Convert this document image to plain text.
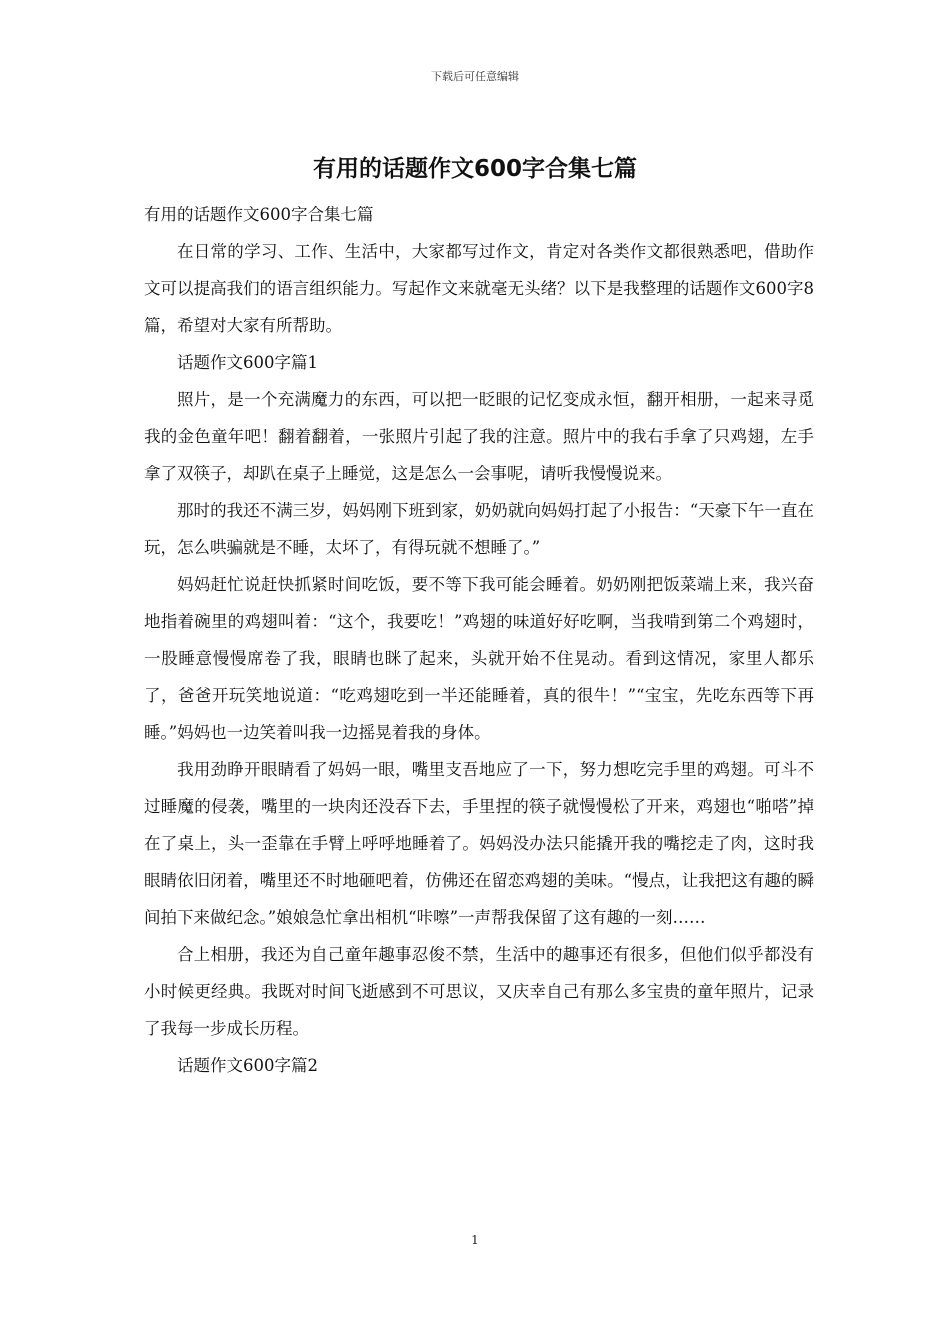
下载后可任意编辑
有用的话题作文600字合集七篇

有用的话题作文600字合集七篇

在日常的学习、工作、生活中，大家都写过作文，肯定对各类作文都很熟悉吧，借助作文可以提高我们的语言组织能力。写起作文来就毫无头绪？以下是我整理的话题作文600字8篇，希望对大家有所帮助。

话题作文600字篇1

照片，是一个充满魔力的东西，可以把一眨眼的记忆变成永恒，翻开相册，一起来寻觅我的金色童年吧！翻着翻着，一张照片引起了我的注意。照片中的我右手拿了只鸡翅，左手拿了双筷子，却趴在桌子上睡觉，这是怎么一会事呢，请听我慢慢说来。

那时的我还不满三岁，妈妈刚下班到家，奶奶就向妈妈打起了小报告：“天豪下午一直在玩，怎么哄骗就是不睡，太坏了，有得玩就不想睡了。”

妈妈赶忙说赶快抓紧时间吃饭，要不等下我可能会睡着。奶奶刚把饭菜端上来，我兴奋地指着碗里的鸡翅叫着：“这个，我要吃！”鸡翅的味道好好吃啊，当我啃到第二个鸡翅时，一股睡意慢慢席卷了我，眼睛也眯了起来，头就开始不住晃动。看到这情况，家里人都乐了，爸爸开玩笑地说道：“吃鸡翅吃到一半还能睡着，真的很牛！”“宝宝，先吃东西等下再睡。”妈妈也一边笑着叫我一边摇晃着我的身体。

我用劲睁开眼睛看了妈妈一眼，嘴里支吾地应了一下，努力想吃完手里的鸡翅。可斗不过睡魔的侵袭，嘴里的一块肉还没吞下去，手里捏的筷子就慢慢松了开来，鸡翅也“啪嗒”掉在了桌上，头一歪靠在手臂上呼呼地睡着了。妈妈没办法只能撬开我的嘴挖走了肉，这时我眼睛依旧闭着，嘴里还不时地砸吧着，仿佛还在留恋鸡翅的美味。“慢点，让我把这有趣的瞬间拍下来做纪念。”娘娘急忙拿出相机“咔嚓”一声帮我保留了这有趣的一刻……

合上相册，我还为自己童年趣事忍俊不禁，生活中的趣事还有很多，但他们似乎都没有小时候更经典。我既对时间飞逝感到不可思议，又庆幸自己有那么多宝贵的童年照片，记录了我每一步成长历程。

话题作文600字篇2

1
